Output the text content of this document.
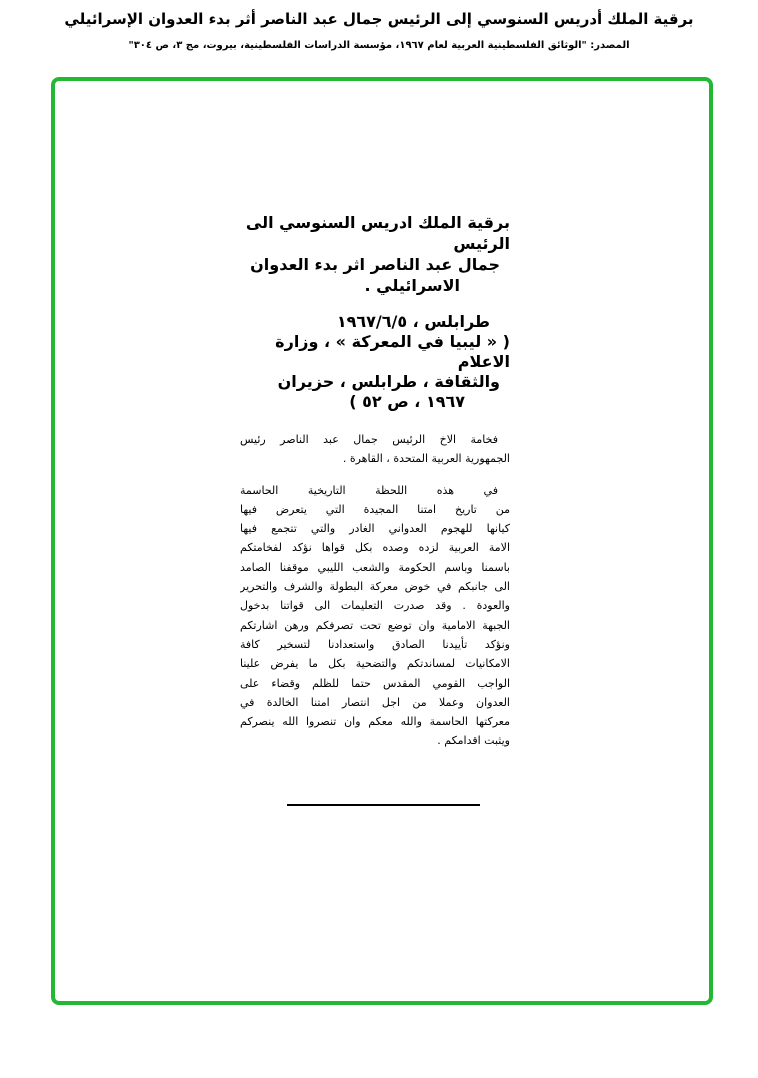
برقية الملك أدريس السنوسي إلى الرئيس جمال عبد الناصر أثر بدء العدوان الإسرائيلي
المصدر: "الوثائق الفلسطينية العربية لعام ١٩٦٧، مؤسسة الدراسات الفلسطينية، بيروت، مج ٣، ص ٣٠٤"
برقية الملك ادريس السنوسي الى الرئيس
جمال عبد الناصر اثر بدء العدوان
الاسرائيلي .
طرابلس ، ١٩٦٧/٦/٥
( « ليبيا في المعركة » ، وزارة الاعلام
والثقافة ، طرابلس ، حزيران
١٩٦٧ ، ص ٥٢ )
فخامة الاخ الرئيس جمال عبد الناصر رئيس
الجمهورية العربية المتحدة ، القاهرة .
في هذه اللحظة التاريخية الحاسمة
من تاريخ امتنا المجيدة التي يتعرض فيها
كيانها للهجوم العدواني الغادر والتي تتجمع فيها
الامة العربية لزده وصده بكل قواها نؤكد لفخامتكم
باسمنا وباسم الحكومة والشعب الليبي موقفنا الصامد
الى جانبكم في خوض معركة البطولة والشرف والتحرير
والعودة . وقد صدرت التعليمات الى قواتنا بدخول
الجبهة الامامية وان توضع تحت تصرفكم ورهن اشارتكم
ونؤكد تأييدنا الصادق واستعدادنا لتسخير كافة
الامكانيات لمساندتكم والتضحية بكل ما يفرض علينا
الواجب القومي المقدس حتما للظلم وقضاء على
العدوان وعملا من اجل انتصار امتنا الخالدة في
معركتها الحاسمة والله معكم وان تنصروا الله ينصركم
ويثبت اقدامكم .
